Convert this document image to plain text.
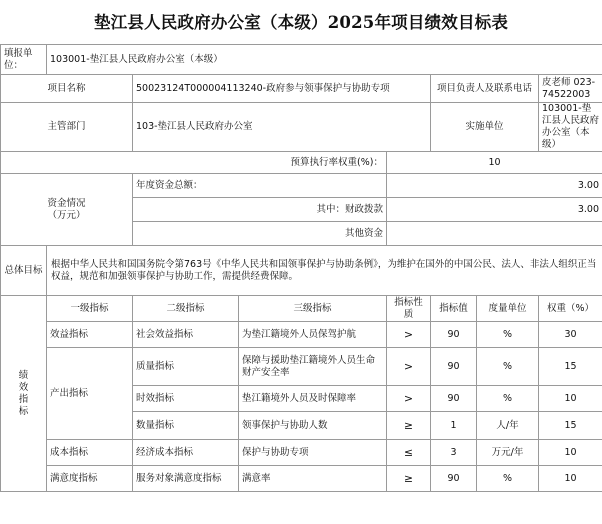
垫江县人民政府办公室（本级）2025年项目绩效目标表
填报单位：	103001-垫江县人民政府办公室（本级）						
项目名称		50023124T000004113240-政府参与领事保护与协助专项			项目负责人及联系电话		皮老师 023-74522003
主管部门		103-垫江县人民政府办公室			实施单位		103001-垫江县人民政府办公室（本级）
预算执行率权重(%)：				10			

资金情况
（万元）		年度资金总额：		3.00			
		其中：财政拨款		3.00			
		其他资金					
总体目标	根据中华人民共和国国务院令第763号《中华人民共和国领事保护与协助条例》，为维护在国外的中国公民、法人、非法人组织正当权益，规范和加强领事保护与协助工作，需提供经费保障。						

绩
效
指
标	一级指标	二级指标	三级指标	指标性质	指标值	度量单位	权重（%）
	效益指标	社会效益指标	为垫江籍境外人员保驾护航	>	90	%	30
	产出指标	质量指标	保障与援助垫江籍境外人员生命财产安全率	>	90	%	15
		时效指标	垫江籍境外人员及时保障率	>	90	%	10
		数量指标	领事保护与协助人数	≥	1	人/年	15
	成本指标	经济成本指标	保护与协助专项	≤	3	万元/年	10
	满意度指标	服务对象满意度指标	满意率	≥	90	%	10
